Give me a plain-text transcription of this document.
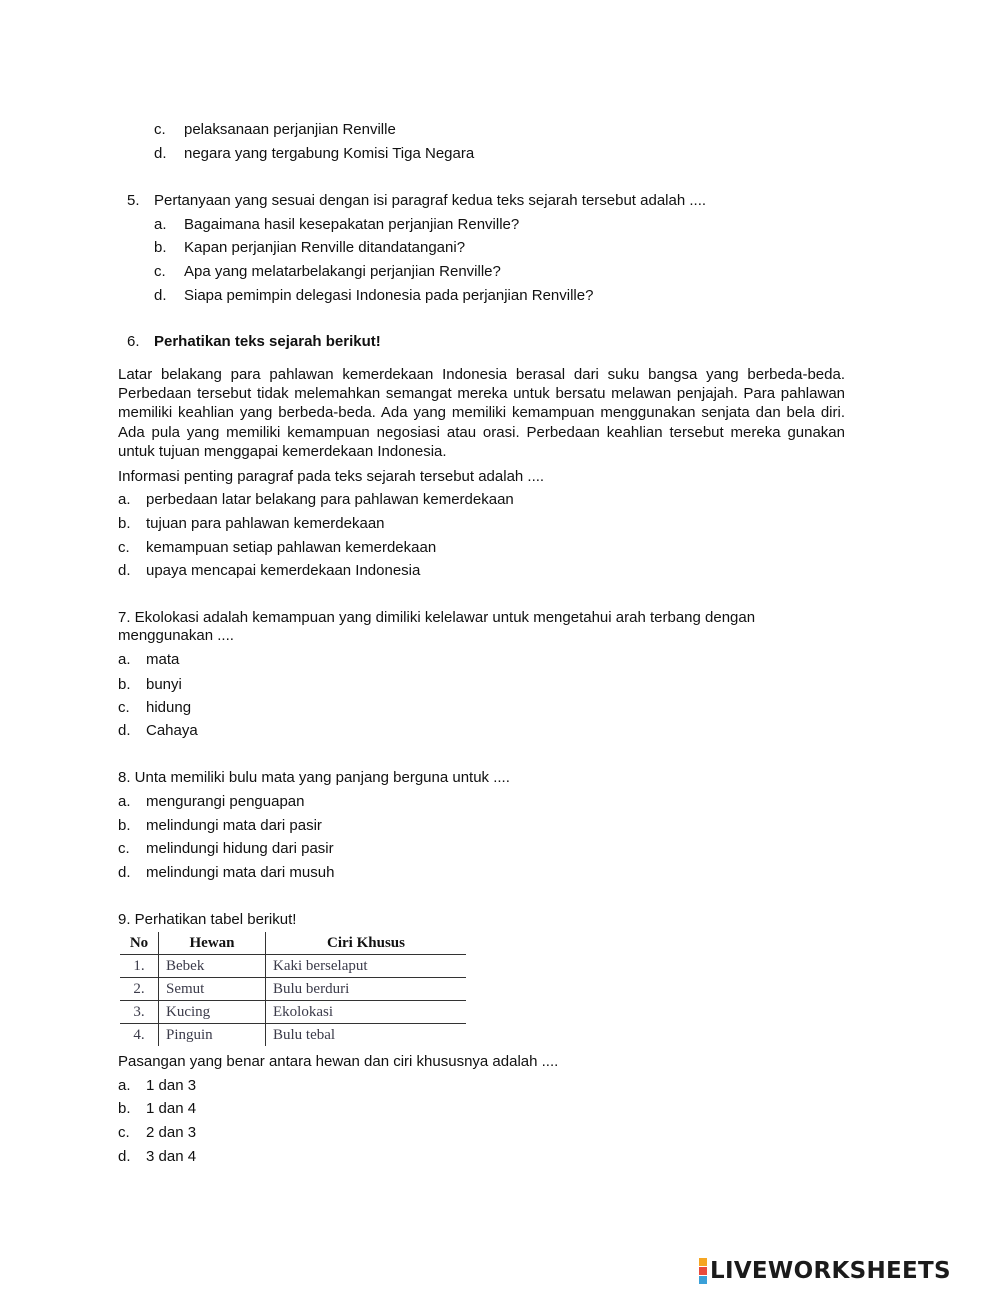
c. pelaksanaan perjanjian Renville
d. negara yang tergabung Komisi Tiga Negara
5. Pertanyaan yang sesuai dengan isi paragraf kedua teks sejarah tersebut adalah ....
a. Bagaimana hasil kesepakatan perjanjian Renville?
b. Kapan perjanjian Renville ditandatangani?
c. Apa yang melatarbelakangi perjanjian Renville?
d. Siapa pemimpin delegasi Indonesia pada perjanjian Renville?
6. Perhatikan teks sejarah berikut!
Latar belakang para pahlawan kemerdekaan Indonesia berasal dari suku bangsa yang berbeda-beda. Perbedaan tersebut tidak melemahkan semangat mereka untuk bersatu melawan penjajah. Para pahlawan memiliki keahlian yang berbeda-beda. Ada yang memiliki kemampuan menggunakan senjata dan bela diri. Ada pula yang memiliki kemampuan negosiasi atau orasi. Perbedaan keahlian tersebut mereka gunakan untuk tujuan menggapai kemerdekaan Indonesia.
Informasi penting paragraf pada teks sejarah tersebut adalah ....
a. perbedaan latar belakang para pahlawan kemerdekaan
b. tujuan para pahlawan kemerdekaan
c. kemampuan setiap pahlawan kemerdekaan
d. upaya mencapai kemerdekaan Indonesia
7. Ekolokasi adalah kemampuan yang dimiliki kelelawar untuk mengetahui arah terbang dengan
menggunakan ....
a. mata
b. bunyi
c. hidung
d. Cahaya
8. Unta memiliki bulu mata yang panjang berguna untuk ....
a. mengurangi penguapan
b. melindungi mata dari pasir
c. melindungi hidung dari pasir
d. melindungi mata dari musuh
9. Perhatikan tabel berikut!
No	Hewan	Ciri Khusus
1.	Bebek	Kaki berselaput
2.	Semut	Bulu berduri
3.	Kucing	Ekolokasi
4.	Pinguin	Bulu tebal
Pasangan yang benar antara hewan dan ciri khususnya adalah ....
a. 1 dan 3
b. 1 dan 4
c. 2 dan 3
d. 3 dan 4
LIVEWORKSHEETS
